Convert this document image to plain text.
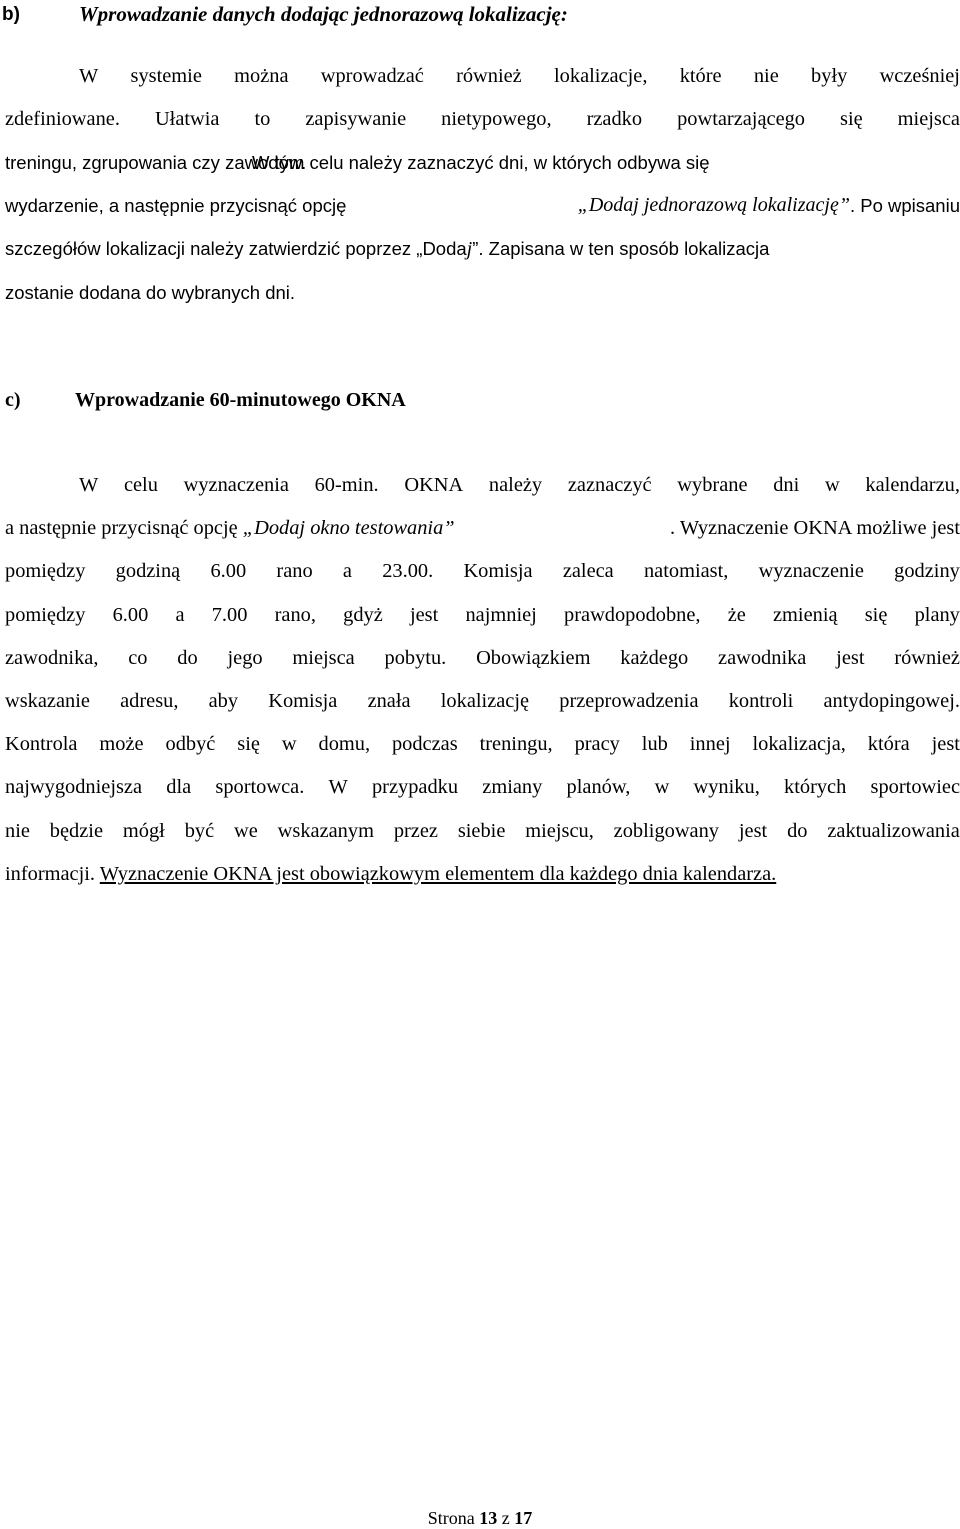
b)	Wprowadzanie danych dodając jednorazową lokalizację:
W systemie można wprowadzać również lokalizacje, które nie były wcześniej
zdefiniowane. Ułatwia to zapisywanie nietypowego, rzadko powtarzającego się miejsca
treningu, zgrupowania czy zawodów.
W tym celu należy zaznaczyć dni, w których odbywa się
wydarzenie, a następnie przycisnąć opcję	„Dodaj jednorazową lokalizację” . Po wpisaniu
szczegółów lokalizacji należy zatwierdzić poprzez „Dodaj”. Zapisana w ten sposób lokalizacja
zostanie dodana do wybranych dni.
c)	Wprowadzanie 60-minutowego OKNA
W celu wyznaczenia 60-min. OKNA należy zaznaczyć wybrane dni w kalendarzu,
a następnie przycisnąć opcję „Dodaj okno testowania”	. Wyznaczenie OKNA możliwe jest
pomiędzy godziną 6.00 rano a 23.00. Komisja zaleca natomiast, wyznaczenie godziny
pomiędzy 6.00 a 7.00 rano, gdyż jest najmniej prawdopodobne, że zmienią się plany
zawodnika, co do jego miejsca pobytu. Obowiązkiem każdego zawodnika jest również
wskazanie adresu, aby Komisja znała lokalizację przeprowadzenia kontroli antydopingowej.
Kontrola może odbyć się w domu, podczas treningu, pracy lub innej lokalizacja, która jest
najwygodniejsza dla sportowca. W przypadku zmiany planów, w wyniku, których sportowiec
nie będzie mógł być we wskazanym przez siebie miejscu, zobligowany jest do zaktualizowania
informacji. Wyznaczenie OKNA jest obowiązkowym elementem dla każdego dnia kalendarza.
Strona 13 z 17
